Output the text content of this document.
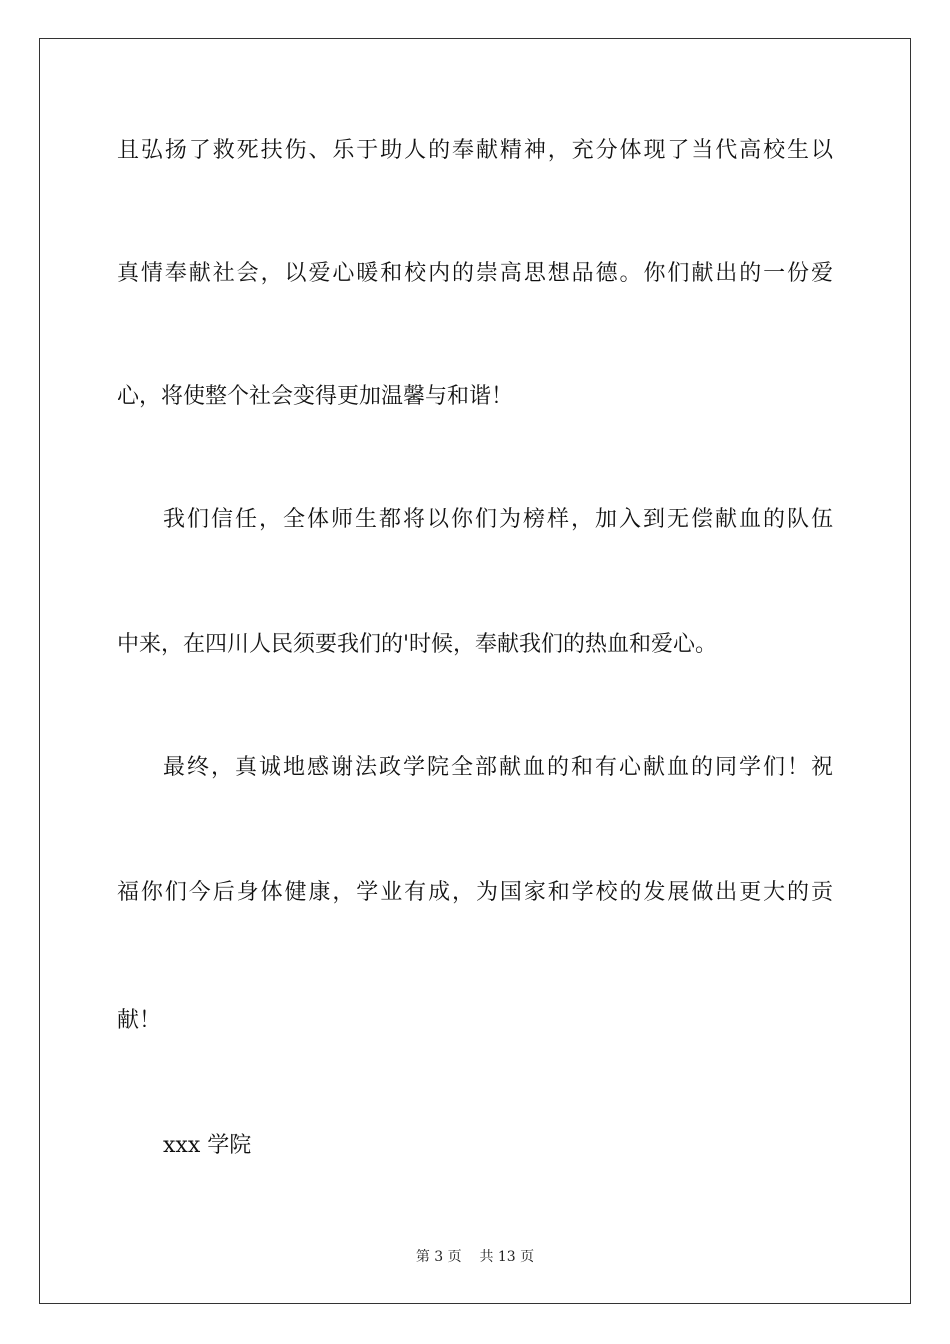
且弘扬了救死扶伤、乐于助人的奉献精神，充分体现了当代高校生以
真情奉献社会，以爱心暖和校内的崇高思想品德。你们献出的一份爱
心，将使整个社会变得更加温馨与和谐！
我们信任，全体师生都将以你们为榜样，加入到无偿献血的队伍
中来，在四川人民须要我们的'时候，奉献我们的热血和爱心。
最终，真诚地感谢法政学院全部献血的和有心献血的同学们！祝
福你们今后身体健康，学业有成，为国家和学校的发展做出更大的贡
献！
xxx 学院
第 3 页 共 13 页
